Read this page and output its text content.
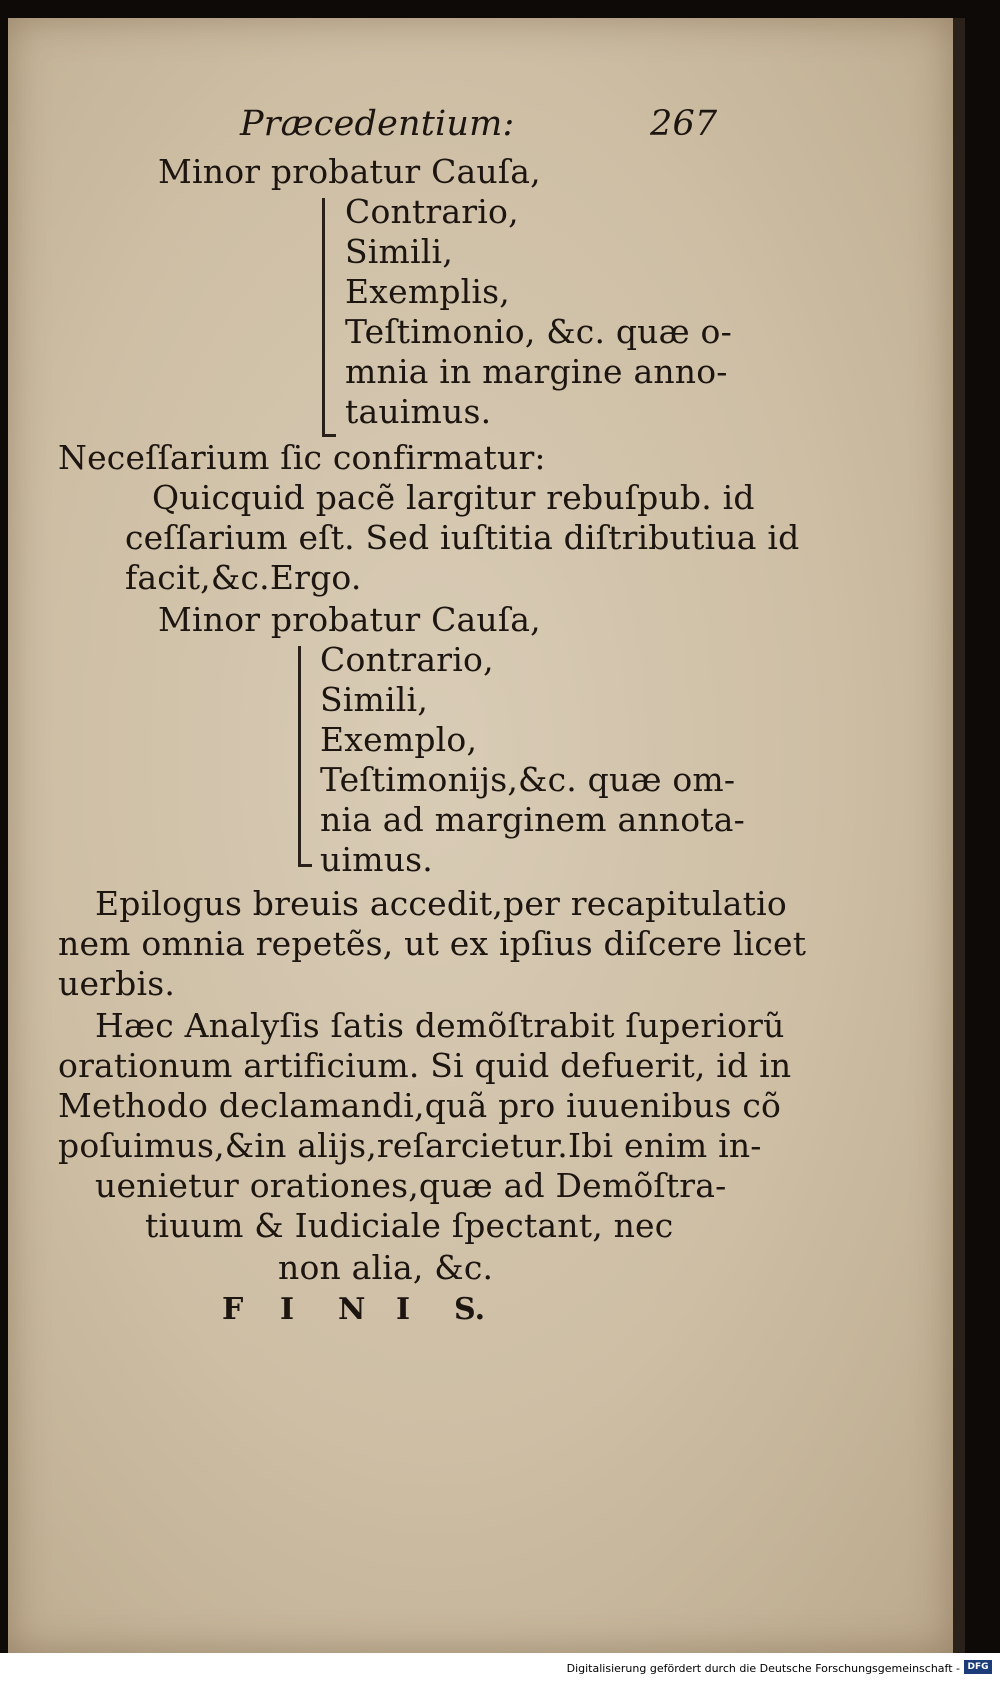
Præcedentium:	267
Minor probatur Cauſa,
Contrario,
Simili,
Exemplis,
Teſtimonio, &c. quæ o-
mnia in margine anno-
tauimus.
Neceſſarium ſic confirmatur:
Quicquid pacẽ largitur rebuſpub. id
ceſſarium eſt. Sed iuſtitia diſtributiua id
facit,&c.Ergo.
Minor probatur Cauſa,
Contrario,
Simili,
Exemplo,
Teſtimonijs,&c. quæ om-
nia ad marginem annota-
uimus.
Epilogus breuis accedit,per recapitulatio
nem omnia repetẽs, ut ex ipſius diſcere licet
uerbis.
Hæc Analyſis ſatis demõſtrabit ſuperiorũ
orationum artificium. Si quid defuerit, id in
Methodo declamandi,quã pro iuuenibus cõ
poſuimus,&in alijs,reſarcietur.Ibi enim in-
uenietur orationes,quæ ad Demõſtra-
tiuum & Iudiciale ſpectant, nec
non alia, &c.
F I N I S.
Digitalisierung gefördert durch die Deutsche Forschungsgemeinschaft - DFG
